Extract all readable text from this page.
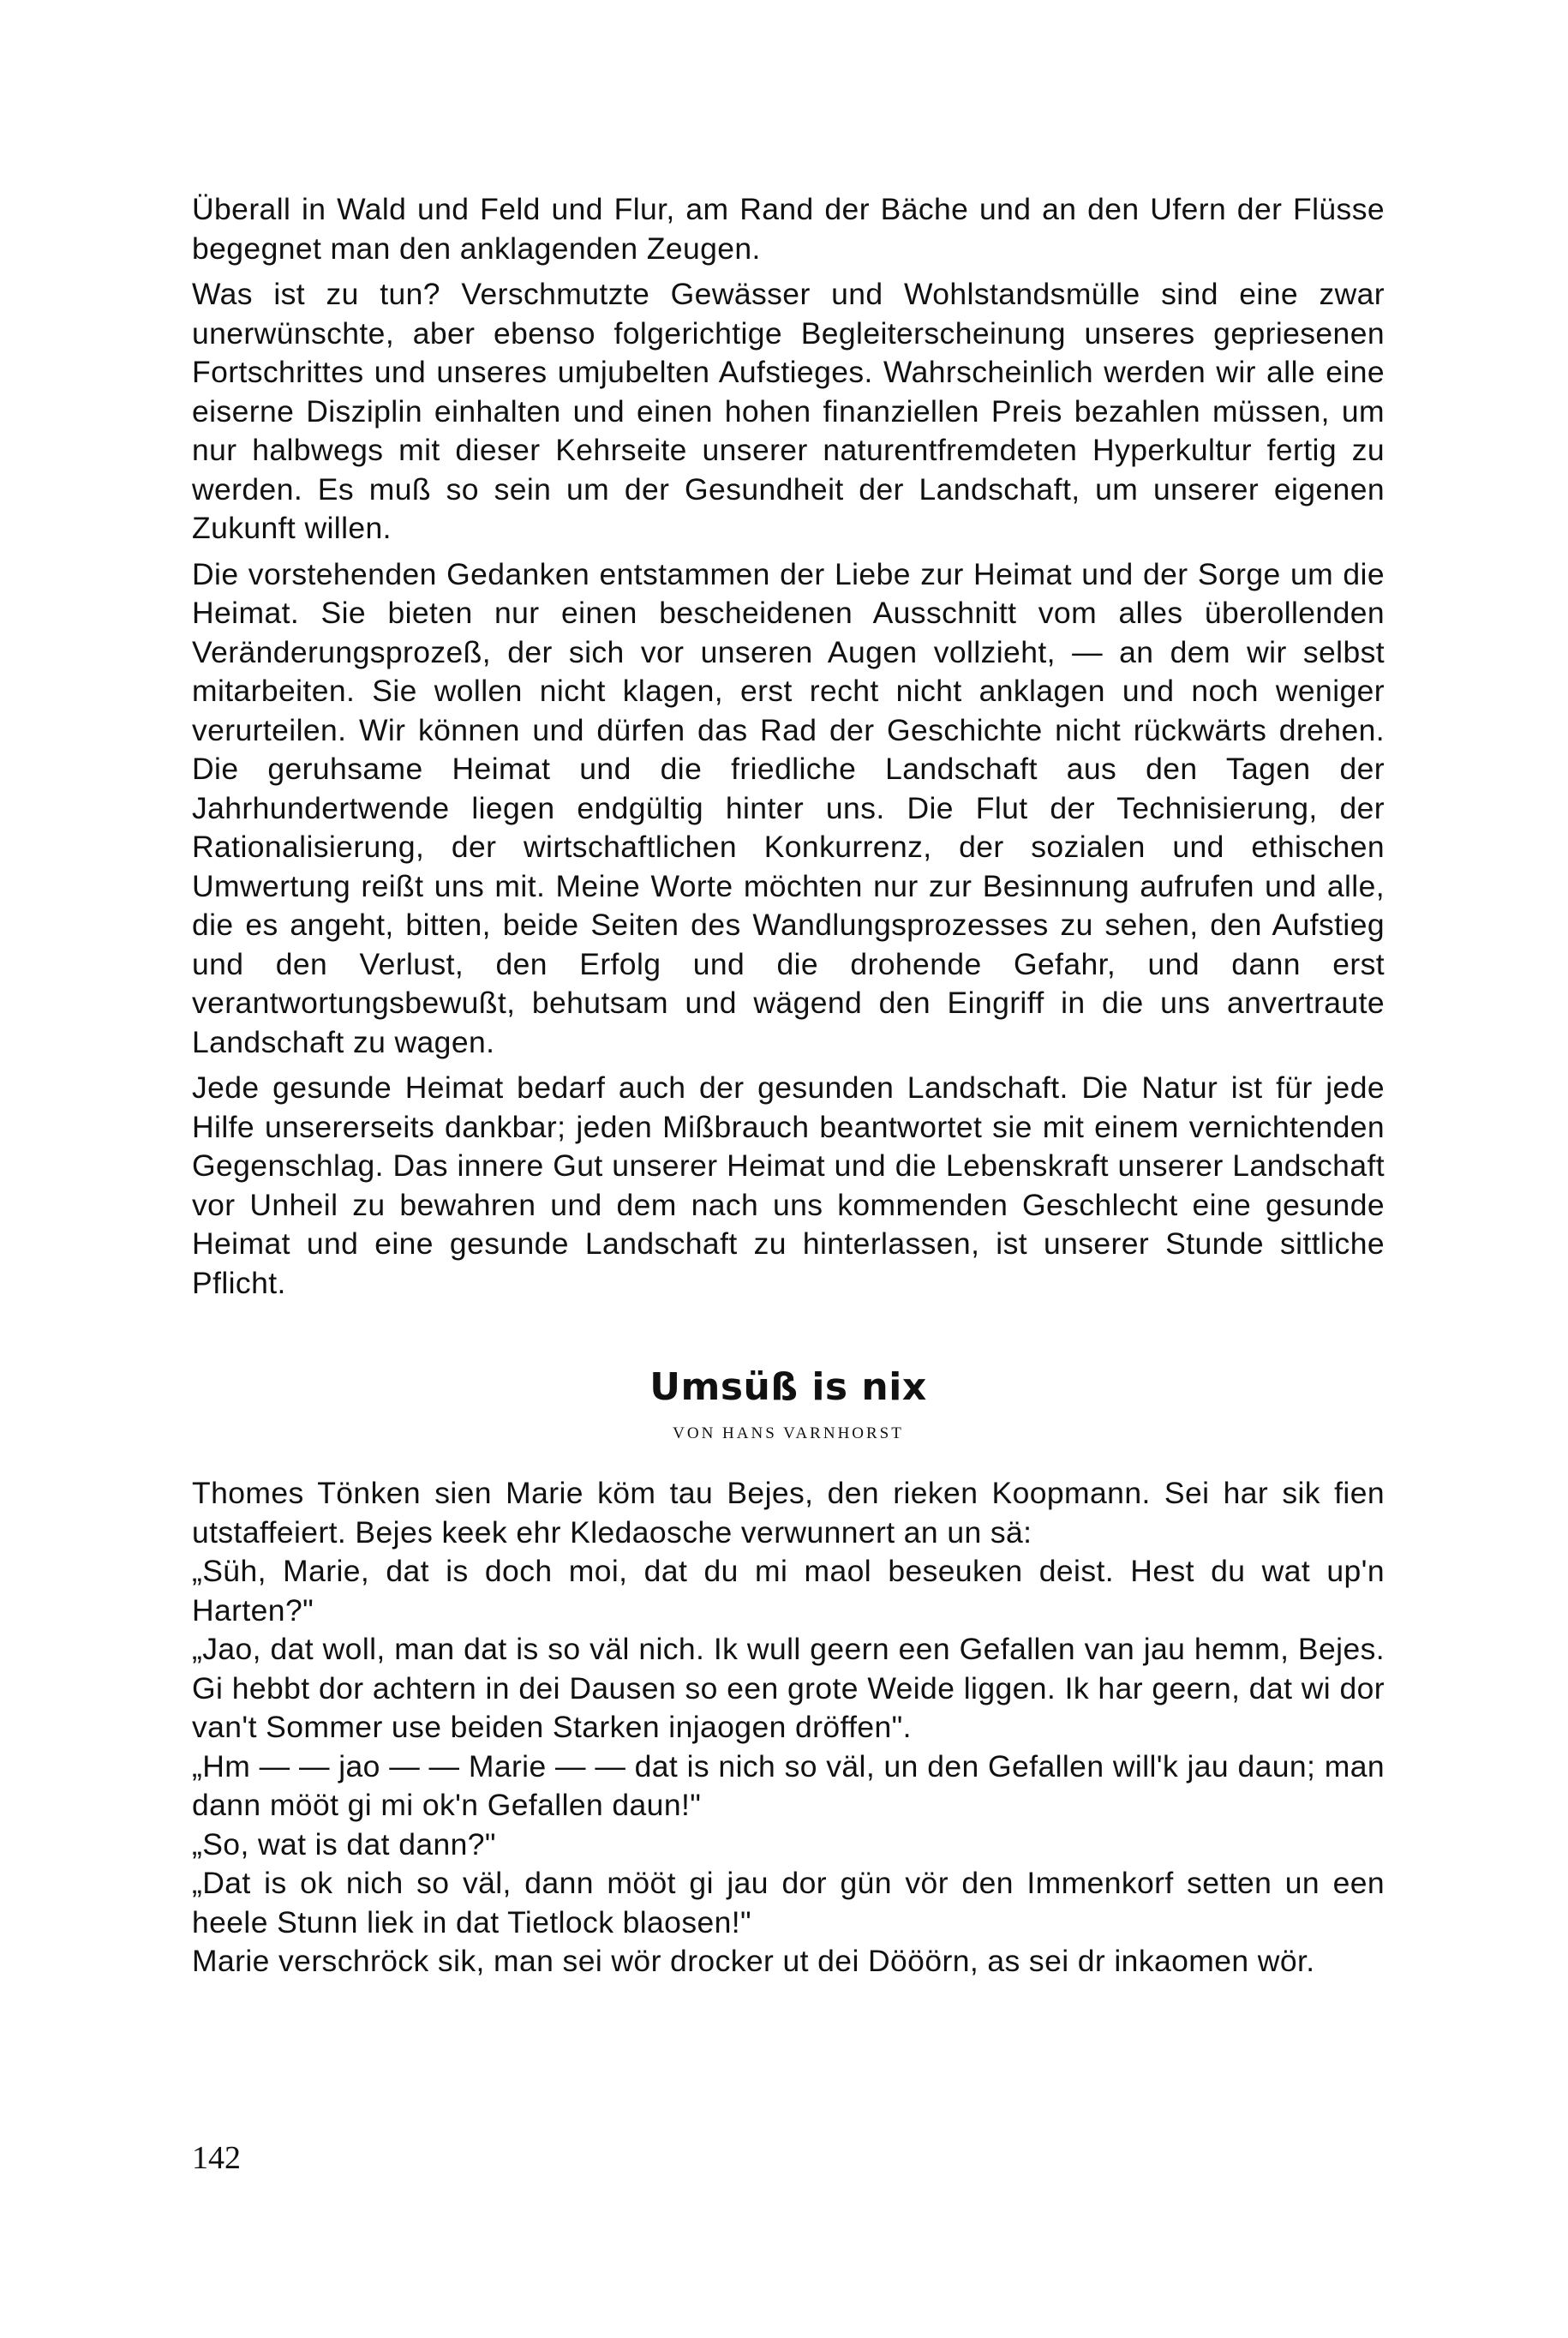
Überall in Wald und Feld und Flur, am Rand der Bäche und an den Ufern der Flüsse begegnet man den anklagenden Zeugen.

Was ist zu tun? Verschmutzte Gewässer und Wohlstandsmülle sind eine zwar unerwünschte, aber ebenso folgerichtige Begleiterscheinung unseres gepriesenen Fortschrittes und unseres umjubelten Aufstieges. Wahrscheinlich werden wir alle eine eiserne Disziplin einhalten und einen hohen finanziellen Preis bezahlen müssen, um nur halbwegs mit dieser Kehrseite unserer naturentfremdeten Hyperkultur fertig zu werden. Es muß so sein um der Gesundheit der Landschaft, um unserer eigenen Zukunft willen.

Die vorstehenden Gedanken entstammen der Liebe zur Heimat und der Sorge um die Heimat. Sie bieten nur einen bescheidenen Ausschnitt vom alles überollenden Veränderungsprozeß, der sich vor unseren Augen vollzieht, — an dem wir selbst mitarbeiten. Sie wollen nicht klagen, erst recht nicht anklagen und noch weniger verurteilen. Wir können und dürfen das Rad der Geschichte nicht rückwärts drehen. Die geruhsame Heimat und die friedliche Landschaft aus den Tagen der Jahrhundertwende liegen endgültig hinter uns. Die Flut der Technisierung, der Rationalisierung, der wirtschaftlichen Konkurrenz, der sozialen und ethischen Umwertung reißt uns mit. Meine Worte möchten nur zur Besinnung aufrufen und alle, die es angeht, bitten, beide Seiten des Wandlungsprozesses zu sehen, den Aufstieg und den Verlust, den Erfolg und die drohende Gefahr, und dann erst verantwortungsbewußt, behutsam und wägend den Eingriff in die uns anvertraute Landschaft zu wagen.

Jede gesunde Heimat bedarf auch der gesunden Landschaft. Die Natur ist für jede Hilfe unsererseits dankbar; jeden Mißbrauch beantwortet sie mit einem vernichtenden Gegenschlag. Das innere Gut unserer Heimat und die Lebenskraft unserer Landschaft vor Unheil zu bewahren und dem nach uns kommenden Geschlecht eine gesunde Heimat und eine gesunde Landschaft zu hinterlassen, ist unserer Stunde sittliche Pflicht.

Umsüß is nix
VON HANS VARNHORST

Thomes Tönken sien Marie köm tau Bejes, den rieken Koopmann. Sei har sik fien utstaffeiert. Bejes keek ehr Kledaosche verwunnert an un sä:

„Süh, Marie, dat is doch moi, dat du mi maol beseuken deist. Hest du wat up'n Harten?"

„Jao, dat woll, man dat is so väl nich. Ik wull geern een Gefallen van jau hemm, Bejes. Gi hebbt dor achtern in dei Dausen so een grote Weide liggen. Ik har geern, dat wi dor van't Sommer use beiden Starken injaogen dröffen".

„Hm — — jao — — Marie — — dat is nich so väl, un den Gefallen will'k jau daun; man dann mööt gi mi ok'n Gefallen daun!"

„So, wat is dat dann?"

„Dat is ok nich so väl, dann mööt gi jau dor gün vör den Immenkorf setten un een heele Stunn liek in dat Tietlock blaosen!"

Marie verschröck sik, man sei wör drocker ut dei Dööörn, as sei dr inkaomen wör.

142
